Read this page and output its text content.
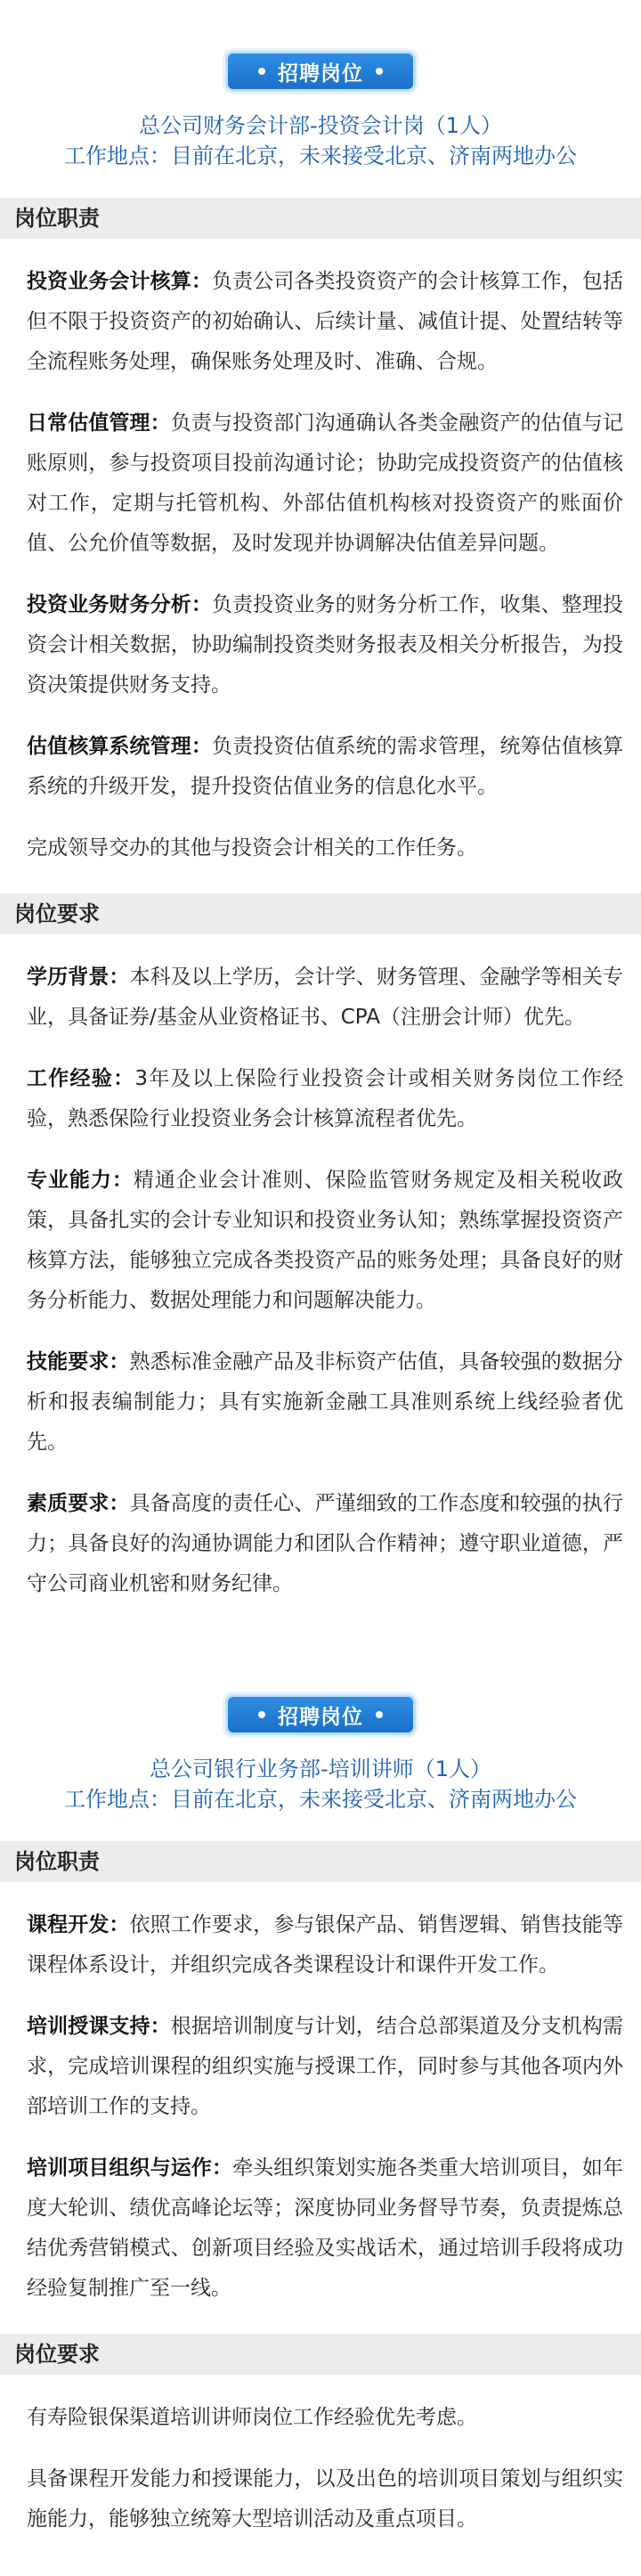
招聘岗位
总公司财务会计部-投资会计岗（1人）
工作地点：目前在北京，未来接受北京、济南两地办公
岗位职责

投资业务会计核算：负责公司各类投资资产的会计核算工作，包括但不限于投资资产的初始确认、后续计量、减值计提、处置结转等全流程账务处理，确保账务处理及时、准确、合规。

日常估值管理：负责与投资部门沟通确认各类金融资产的估值与记账原则，参与投资项目投前沟通讨论；协助完成投资资产的估值核对工作，定期与托管机构、外部估值机构核对投资资产的账面价值、公允价值等数据，及时发现并协调解决估值差异问题。

投资业务财务分析：负责投资业务的财务分析工作，收集、整理投资会计相关数据，协助编制投资类财务报表及相关分析报告，为投资决策提供财务支持。

估值核算系统管理：负责投资估值系统的需求管理，统筹估值核算系统的升级开发，提升投资估值业务的信息化水平。

完成领导交办的其他与投资会计相关的工作任务。

岗位要求

学历背景：本科及以上学历，会计学、财务管理、金融学等相关专业，具备证券/基金从业资格证书、CPA（注册会计师）优先。

工作经验：3年及以上保险行业投资会计或相关财务岗位工作经验，熟悉保险行业投资业务会计核算流程者优先。

专业能力：精通企业会计准则、保险监管财务规定及相关税收政策，具备扎实的会计专业知识和投资业务认知；熟练掌握投资资产核算方法，能够独立完成各类投资产品的账务处理；具备良好的财务分析能力、数据处理能力和问题解决能力。

技能要求：熟悉标准金融产品及非标资产估值，具备较强的数据分析和报表编制能力；具有实施新金融工具准则系统上线经验者优先。

素质要求：具备高度的责任心、严谨细致的工作态度和较强的执行力；具备良好的沟通协调能力和团队合作精神；遵守职业道德，严守公司商业机密和财务纪律。

招聘岗位
总公司银行业务部-培训讲师（1人）
工作地点：目前在北京，未来接受北京、济南两地办公
岗位职责

课程开发：依照工作要求，参与银保产品、销售逻辑、销售技能等课程体系设计，并组织完成各类课程设计和课件开发工作。

培训授课支持：根据培训制度与计划，结合总部渠道及分支机构需求，完成培训课程的组织实施与授课工作，同时参与其他各项内外部培训工作的支持。

培训项目组织与运作：牵头组织策划实施各类重大培训项目，如年度大轮训、绩优高峰论坛等；深度协同业务督导节奏，负责提炼总结优秀营销模式、创新项目经验及实战话术，通过培训手段将成功经验复制推广至一线。

岗位要求

有寿险银保渠道培训讲师岗位工作经验优先考虑。

具备课程开发能力和授课能力，以及出色的培训项目策划与组织实施能力，能够独立统筹大型培训活动及重点项目。
